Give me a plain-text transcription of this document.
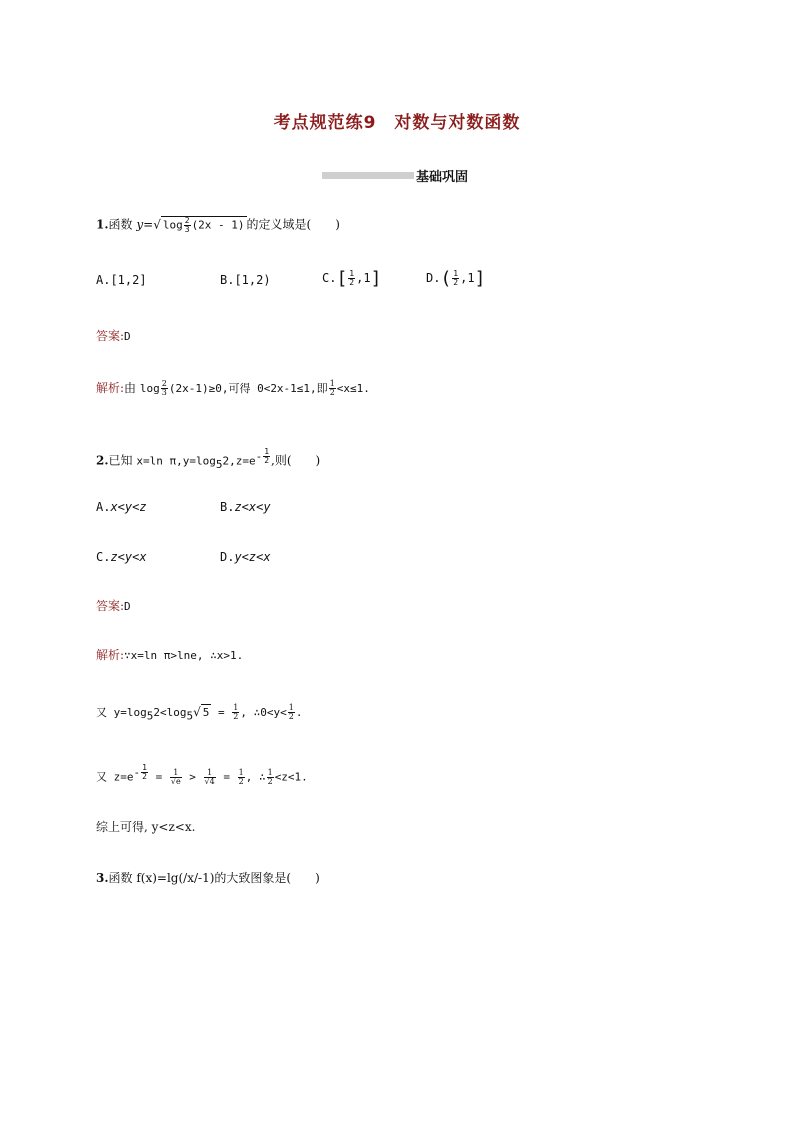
考点规范练9　对数与对数函数
基础巩固
1.函数 y=√ $\log \frac{2}{3} (2x - 1)$ 的定义域是(　　)
A.[1,2]	B.[1,2)	$C.[ \frac{1}{2} ,1]$	$D.( \frac{1}{2} ,1]$
答案:D
解析:由 $\log \frac{2}{3} (2x-1)\ge 0$,可得 0<2x-1≤1,即 $\frac{1}{2} <x\le 1$.
2.已知 x=ln $\pi,y=\log_52,z=e^{- \frac{1}{2}}$ ,则(　　)
A.x<y<z	B.z<x<y
C.z<y<x	D.y<z<x
答案:D
解析:∵x=ln π>lne, ∴x>1.
又 $y=\log_52<\log_5√$ $5 = \frac{1}{2}$ , ∴0<y< $\frac{1}{2}$ .
又 $z=e^{- \frac{1}{2}} = \frac{1}{√e} > \frac{1}{√4} = \frac{1}{2}$ , ∴ $\frac{1}{2} <z<1$.
综上可得, y<z<x.
3.函数 f(x)=lg(/x/-1)的大致图象是(　　)
